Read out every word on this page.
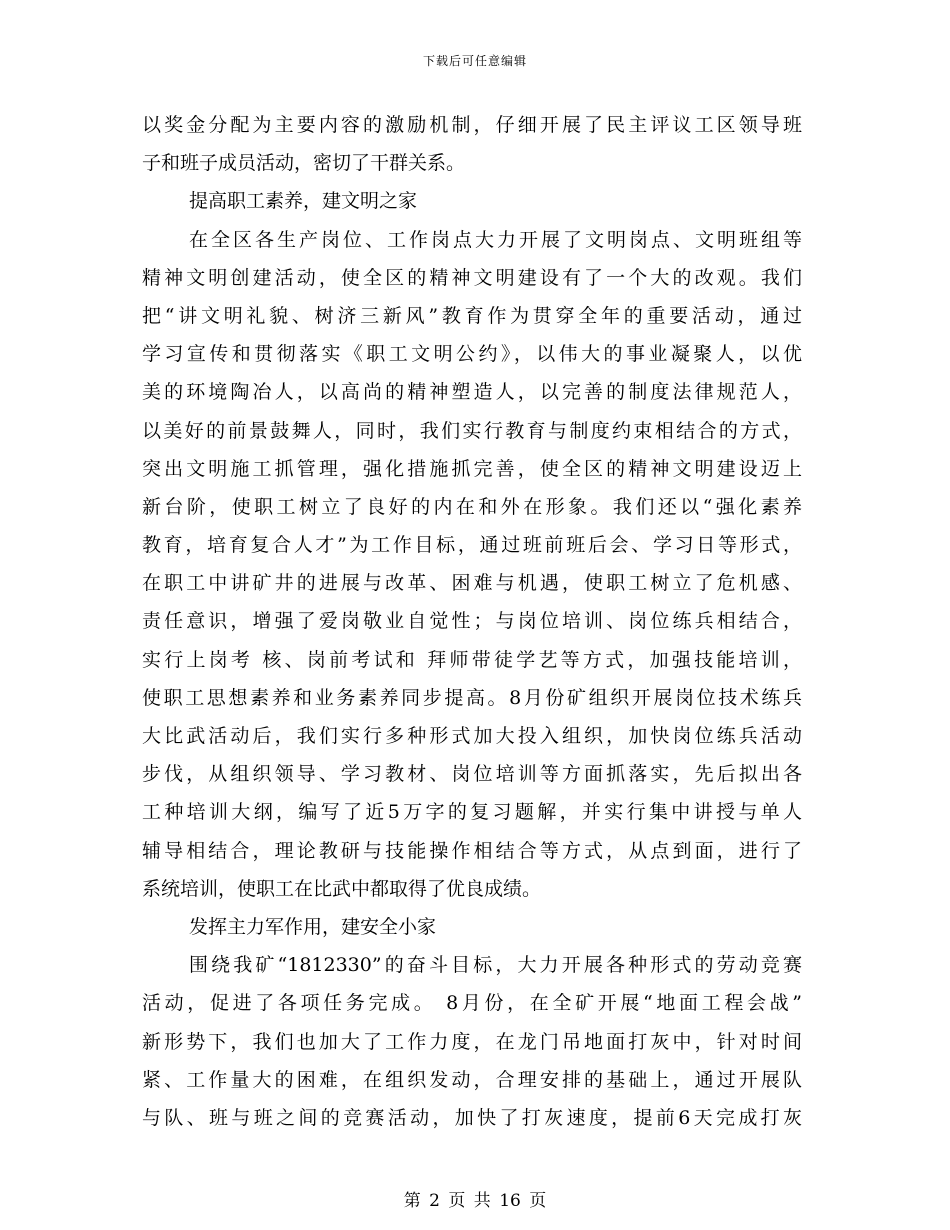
下载后可任意编辑
以奖金分配为主要内容的激励机制，仔细开展了民主评议工区领导班
子和班子成员活动，密切了干群关系。
提高职工素养，建文明之家
在全区各生产岗位、工作岗点大力开展了文明岗点、文明班组等
精神文明创建活动，使全区的精神文明建设有了一个大的改观。我们
把“讲文明礼貌、树济三新风”教育作为贯穿全年的重要活动，通过
学习宣传和贯彻落实《职工文明公约》，以伟大的事业凝聚人，以优
美的环境陶冶人，以高尚的精神塑造人，以完善的制度法律规范人，
以美好的前景鼓舞人，同时，我们实行教育与制度约束相结合的方式，
突出文明施工抓管理，强化措施抓完善，使全区的精神文明建设迈上
新台阶，使职工树立了良好的内在和外在形象。我们还以“强化素养
教育，培育复合人才”为工作目标，通过班前班后会、学习日等形式，
在职工中讲矿井的进展与改革、困难与机遇，使职工树立了危机感、
责任意识，增强了爱岗敬业自觉性；与岗位培训、岗位练兵相结合，
实行上岗考 核、岗前考试和 拜师带徒学艺等方式，加强技能培训，
使职工思想素养和业务素养同步提高。8月份矿组织开展岗位技术练兵
大比武活动后，我们实行多种形式加大投入组织，加快岗位练兵活动
步伐，从组织领导、学习教材、岗位培训等方面抓落实，先后拟出各
工种培训大纲，编写了近5万字的复习题解，并实行集中讲授与单人
辅导相结合，理论教研与技能操作相结合等方式，从点到面，进行了
系统培训，使职工在比武中都取得了优良成绩。
发挥主力军作用，建安全小家
围绕我矿“1812330”的奋斗目标，大力开展各种形式的劳动竞赛
活动，促进了各项任务完成。 8月份，在全矿开展“地面工程会战”
新形势下，我们也加大了工作力度，在龙门吊地面打灰中，针对时间
紧、工作量大的困难，在组织发动，合理安排的基础上，通过开展队
与队、班与班之间的竞赛活动，加快了打灰速度，提前6天完成打灰
第 2 页 共 16 页
